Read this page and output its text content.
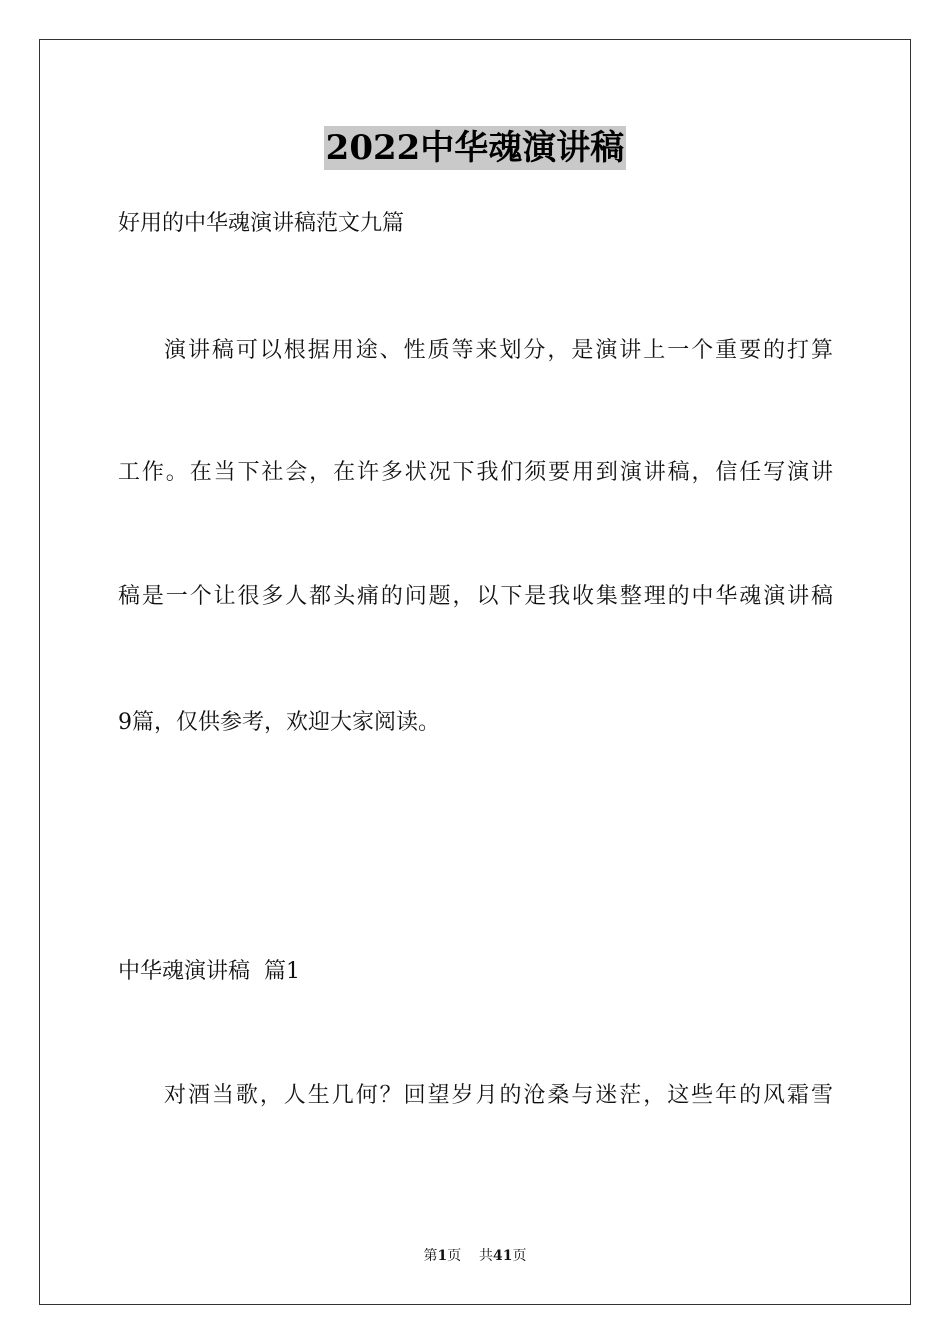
2022中华魂演讲稿

好用的中华魂演讲稿范文九篇

演讲稿可以根据用途、性质等来划分，是演讲上一个重要的打算

工作。在当下社会，在许多状况下我们须要用到演讲稿，信任写演讲

稿是一个让很多人都头痛的问题，以下是我收集整理的中华魂演讲稿

9篇，仅供参考，欢迎大家阅读。

中华魂演讲稿  篇1

对酒当歌，人生几何？回望岁月的沧桑与迷茫，这些年的风霜雪

第1页 共41页
